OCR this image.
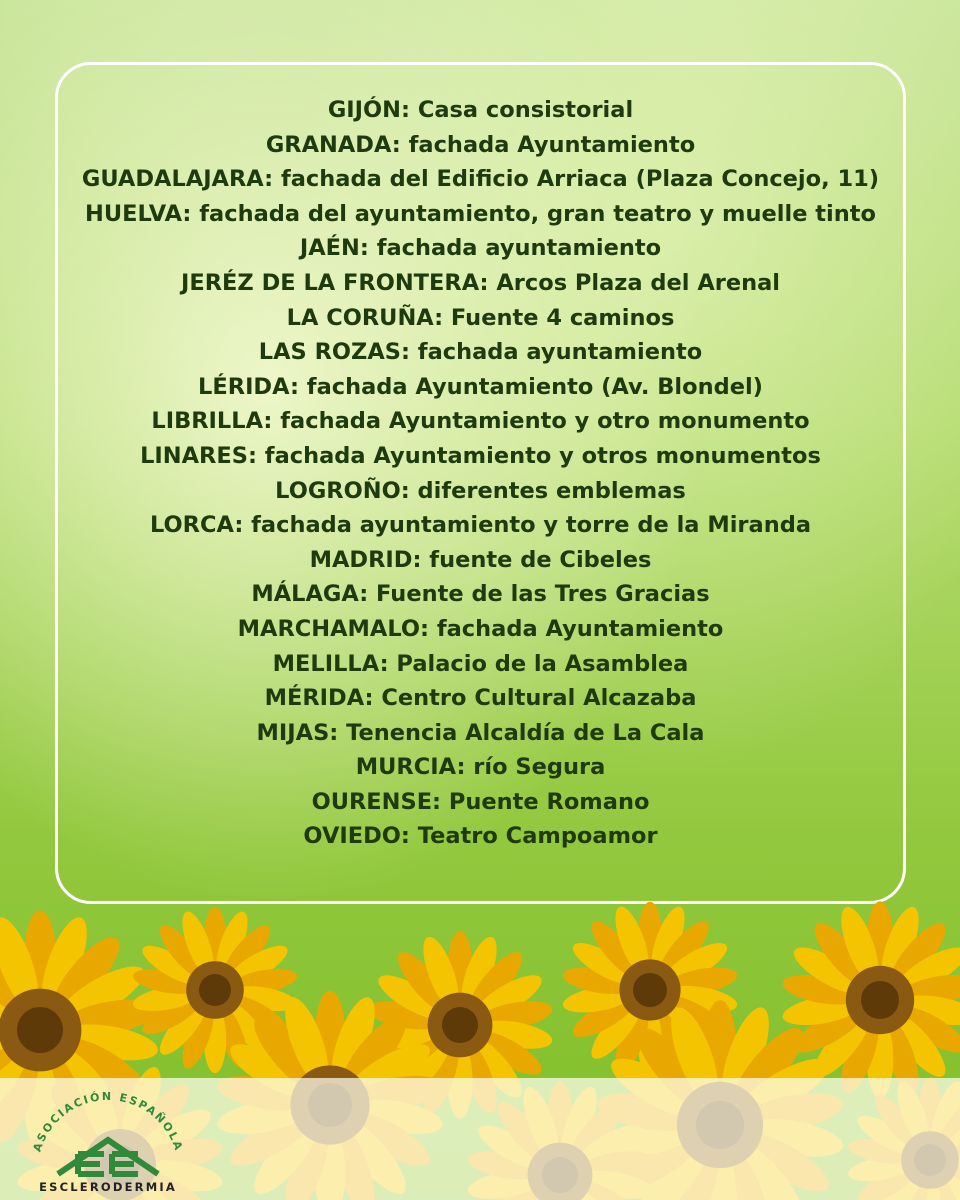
GIJÓN: Casa consistorial
GRANADA: fachada Ayuntamiento
GUADALAJARA: fachada del Edificio Arriaca (Plaza Concejo, 11)
HUELVA: fachada del ayuntamiento, gran teatro y muelle tinto
JAÉN: fachada ayuntamiento
JERÉZ DE LA FRONTERA: Arcos Plaza del Arenal
LA CORUÑA: Fuente 4 caminos
LAS ROZAS: fachada ayuntamiento
LÉRIDA: fachada Ayuntamiento (Av. Blondel)
LIBRILLA: fachada Ayuntamiento y otro monumento
LINARES: fachada Ayuntamiento y otros monumentos
LOGROÑO: diferentes emblemas
LORCA: fachada ayuntamiento y torre de la Miranda
MADRID: fuente de Cibeles
MÁLAGA: Fuente de las Tres Gracias
MARCHAMALO: fachada Ayuntamiento
MELILLA: Palacio de la Asamblea
MÉRIDA: Centro Cultural Alcazaba
MIJAS: Tenencia Alcaldía de La Cala
MURCIA: río Segura
OURENSE: Puente Romano
OVIEDO: Teatro Campoamor
ASOCIACIÓN ESPAÑOLA
ESCLERODERMIA
